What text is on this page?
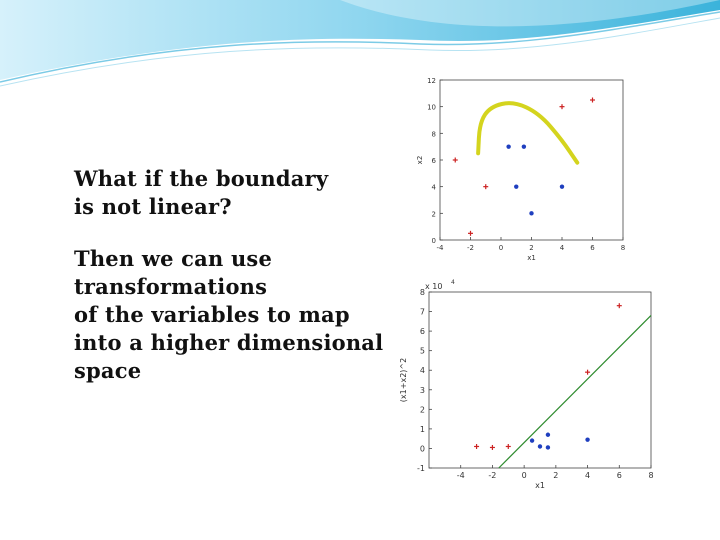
What if the boundary
is not linear?

Then we can use
transformations
of the variables to map
into a higher dimensional
space

-4	-2	0	2	4	6	8
0
2
4
6
8
10
12
x1
x2
-4	-2	0	2	4	6	8
-1
0
1
2
3
4
5
6
7
8
x1
(x1+x2)^2
x 10 4
